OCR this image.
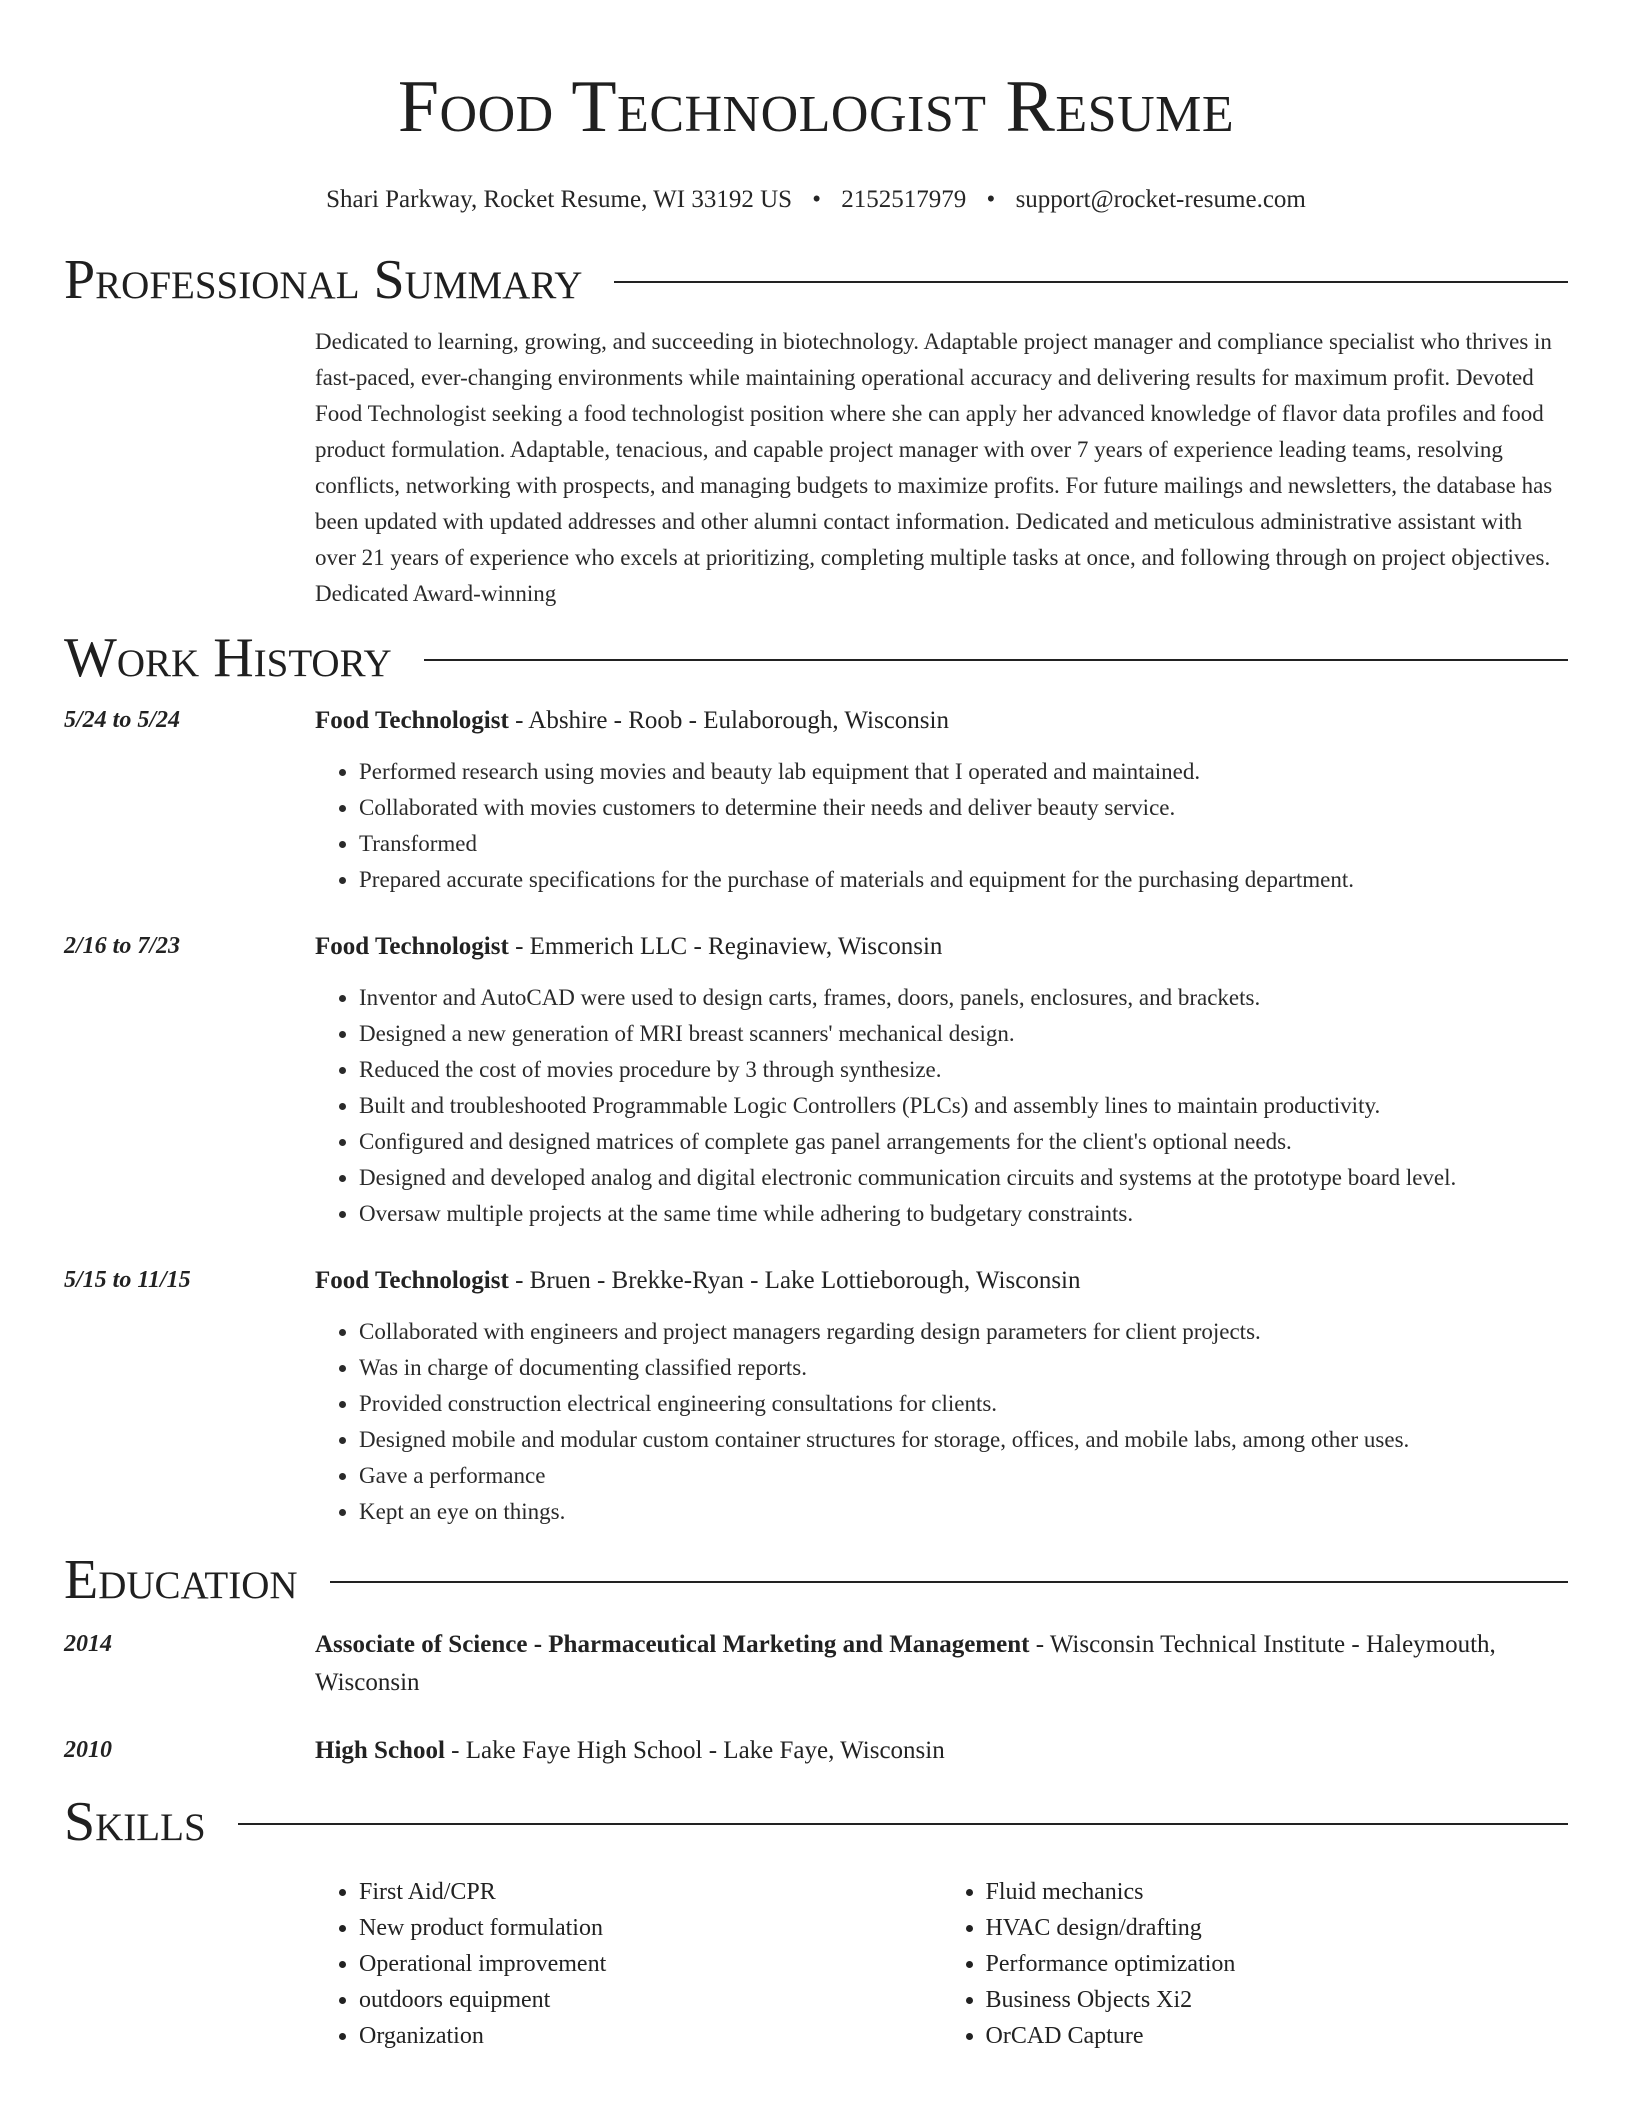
Food Technologist Resume
Shari Parkway, Rocket Resume, WI 33192 US • 2152517979 • support@rocket-resume.com
Professional Summary
Dedicated to learning, growing, and succeeding in biotechnology. Adaptable project manager and compliance specialist who thrives in fast-paced, ever-changing environments while maintaining operational accuracy and delivering results for maximum profit. Devoted Food Technologist seeking a food technologist position where she can apply her advanced knowledge of flavor data profiles and food product formulation. Adaptable, tenacious, and capable project manager with over 7 years of experience leading teams, resolving conflicts, networking with prospects, and managing budgets to maximize profits. For future mailings and newsletters, the database has been updated with updated addresses and other alumni contact information. Dedicated and meticulous administrative assistant with over 21 years of experience who excels at prioritizing, completing multiple tasks at once, and following through on project objectives. Dedicated Award-winning
Work History
5/24 to 5/24	Food Technologist - Abshire - Roob - Eulaborough, Wisconsin
• Performed research using movies and beauty lab equipment that I operated and maintained.
• Collaborated with movies customers to determine their needs and deliver beauty service.
• Transformed
• Prepared accurate specifications for the purchase of materials and equipment for the purchasing department.
2/16 to 7/23	Food Technologist - Emmerich LLC - Reginaview, Wisconsin
• Inventor and AutoCAD were used to design carts, frames, doors, panels, enclosures, and brackets.
• Designed a new generation of MRI breast scanners' mechanical design.
• Reduced the cost of movies procedure by 3 through synthesize.
• Built and troubleshooted Programmable Logic Controllers (PLCs) and assembly lines to maintain productivity.
• Configured and designed matrices of complete gas panel arrangements for the client's optional needs.
• Designed and developed analog and digital electronic communication circuits and systems at the prototype board level.
• Oversaw multiple projects at the same time while adhering to budgetary constraints.
5/15 to 11/15	Food Technologist - Bruen - Brekke-Ryan - Lake Lottieborough, Wisconsin
• Collaborated with engineers and project managers regarding design parameters for client projects.
• Was in charge of documenting classified reports.
• Provided construction electrical engineering consultations for clients.
• Designed mobile and modular custom container structures for storage, offices, and mobile labs, among other uses.
• Gave a performance
• Kept an eye on things.
Education
2014	Associate of Science - Pharmaceutical Marketing and Management - Wisconsin Technical Institute - Haleymouth, Wisconsin
2010	High School - Lake Faye High School - Lake Faye, Wisconsin
Skills
• First Aid/CPR
• New product formulation
• Operational improvement
• outdoors equipment
• Organization
• Fluid mechanics
• HVAC design/drafting
• Performance optimization
• Business Objects Xi2
• OrCAD Capture
